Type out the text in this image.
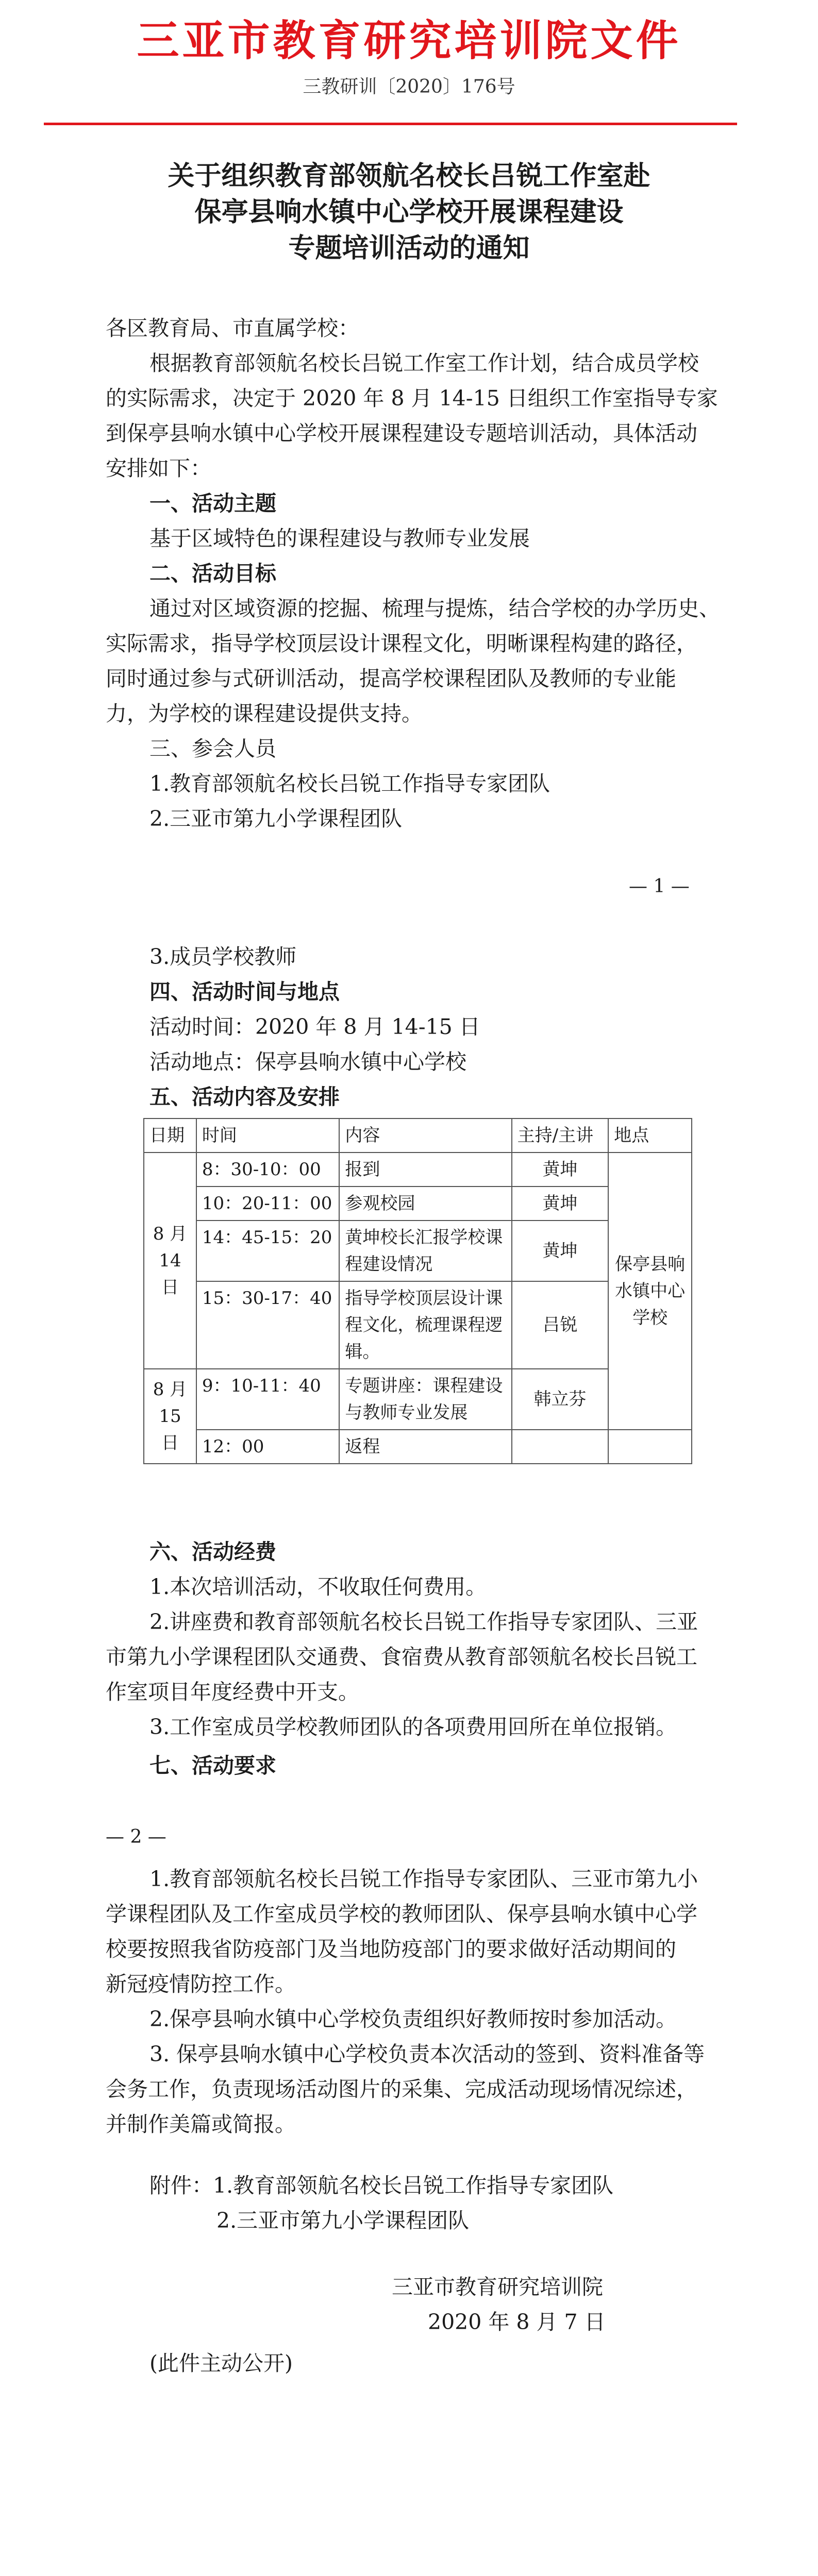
三亚市教育研究培训院文件
三教研训〔2020〕176号
关于组织教育部领航名校长吕锐工作室赴
保亭县响水镇中心学校开展课程建设
专题培训活动的通知
各区教育局、市直属学校：
根据教育部领航名校长吕锐工作室工作计划，结合成员学校
的实际需求，决定于 2020 年 8 月 14-15 日组织工作室指导专家
到保亭县响水镇中心学校开展课程建设专题培训活动，具体活动
安排如下：
一、活动主题
基于区域特色的课程建设与教师专业发展
二、活动目标
通过对区域资源的挖掘、梳理与提炼，结合学校的办学历史、
实际需求，指导学校顶层设计课程文化，明晰课程构建的路径，
同时通过参与式研训活动，提高学校课程团队及教师的专业能
力，为学校的课程建设提供支持。
三、参会人员
1.教育部领航名校长吕锐工作指导专家团队
2.三亚市第九小学课程团队
— 1 —
3.成员学校教师
四、活动时间与地点
活动时间：2020 年 8 月 14-15 日
活动地点：保亭县响水镇中心学校
五、活动内容及安排
日期	时间	内容	主持/主讲	地点
8 月 14 日	8：30-10：00	报到	黄坤	保亭县响水镇中心学校
	10：20-11：00	参观校园	黄坤	
	14：45-15：20	黄坤校长汇报学校课程建设情况	黄坤	
	15：30-17：40	指导学校顶层设计课程文化，梳理课程逻辑。	吕锐	
8 月 15 日	9：10-11：40	专题讲座：课程建设与教师专业发展	韩立芬	
	12：00	返程		
六、活动经费
1.本次培训活动，不收取任何费用。
2.讲座费和教育部领航名校长吕锐工作指导专家团队、三亚
市第九小学课程团队交通费、食宿费从教育部领航名校长吕锐工
作室项目年度经费中开支。
3.工作室成员学校教师团队的各项费用回所在单位报销。
七、活动要求
— 2 —
1.教育部领航名校长吕锐工作指导专家团队、三亚市第九小
学课程团队及工作室成员学校的教师团队、保亭县响水镇中心学
校要按照我省防疫部门及当地防疫部门的要求做好活动期间的
新冠疫情防控工作。
2.保亭县响水镇中心学校负责组织好教师按时参加活动。
3. 保亭县响水镇中心学校负责本次活动的签到、资料准备等
会务工作，负责现场活动图片的采集、完成活动现场情况综述，
并制作美篇或简报。
附件：1.教育部领航名校长吕锐工作指导专家团队
2.三亚市第九小学课程团队
三亚市教育研究培训院
2020 年 8 月 7 日
(此件主动公开)
